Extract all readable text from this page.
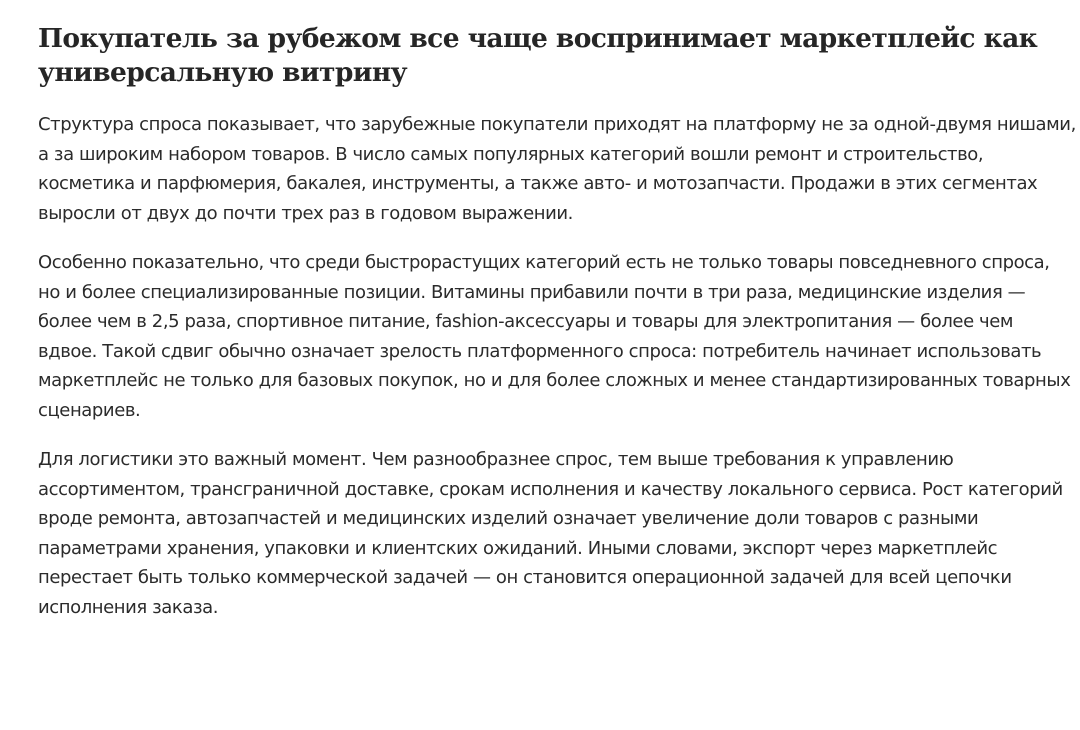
Покупатель за рубежом все чаще воспринимает маркетплейс как универсальную витрину

Структура спроса показывает, что зарубежные покупатели приходят на платформу не за одной-двумя нишами, а за широким набором товаров. В число самых популярных категорий вошли ремонт и строительство, косметика и парфюмерия, бакалея, инструменты, а также авто- и мотозапчасти. Продажи в этих сегментах выросли от двух до почти трех раз в годовом выражении.

Особенно показательно, что среди быстрорастущих категорий есть не только товары повседневного спроса, но и более специализированные позиции. Витамины прибавили почти в три раза, медицинские изделия — более чем в 2,5 раза, спортивное питание, fashion-аксессуары и товары для электропитания — более чем вдвое. Такой сдвиг обычно означает зрелость платформенного спроса: потребитель начинает использовать маркетплейс не только для базовых покупок, но и для более сложных и менее стандартизированных товарных сценариев.

Для логистики это важный момент. Чем разнообразнее спрос, тем выше требования к управлению ассортиментом, трансграничной доставке, срокам исполнения и качеству локального сервиса. Рост категорий вроде ремонта, автозапчастей и медицинских изделий означает увеличение доли товаров с разными параметрами хранения, упаковки и клиентских ожиданий. Иными словами, экспорт через маркетплейс перестает быть только коммерческой задачей — он становится операционной задачей для всей цепочки исполнения заказа.
